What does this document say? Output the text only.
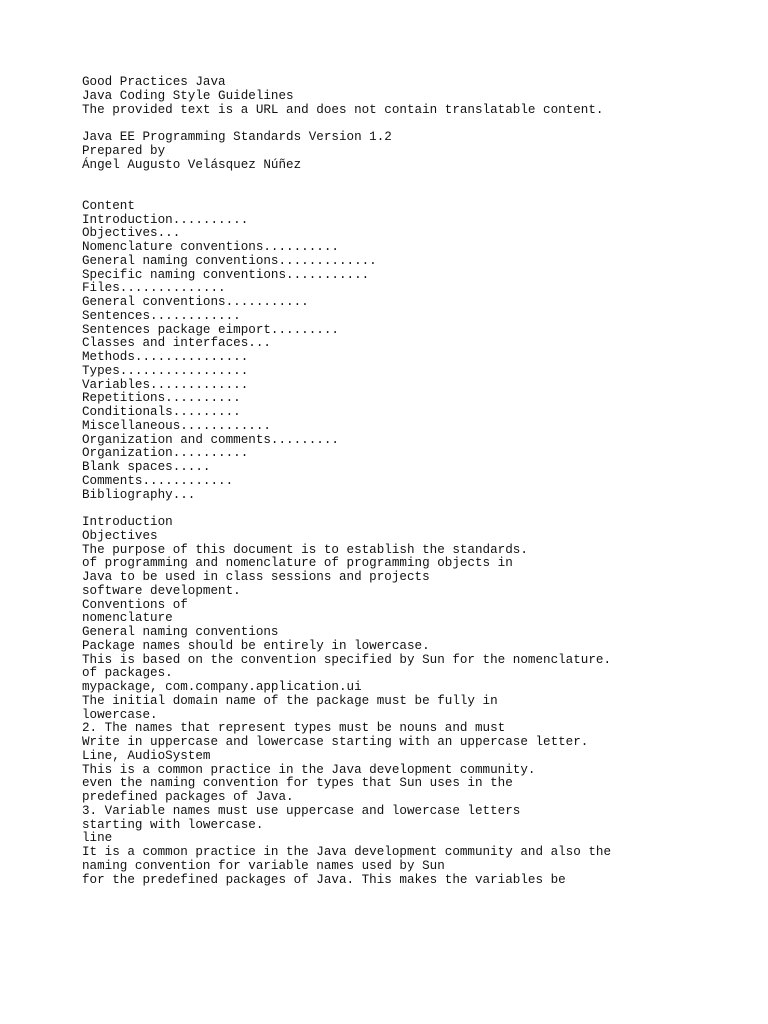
Good Practices Java
Java Coding Style Guidelines
The provided text is a URL and does not contain translatable content.
Java EE Programming Standards Version 1.2
Prepared by
Ángel Augusto Velásquez Núñez
Content
Introduction..........
Objectives...
Nomenclature conventions..........
General naming conventions.............
Specific naming conventions...........
Files..............
General conventions...........
Sentences............
Sentences package eimport.........
Classes and interfaces...
Methods...............
Types.................
Variables.............
Repetitions..........
Conditionals.........
Miscellaneous............
Organization and comments.........
Organization..........
Blank spaces.....
Comments............
Bibliography...
Introduction
Objectives
The purpose of this document is to establish the standards.
of programming and nomenclature of programming objects in
Java to be used in class sessions and projects
software development.
Conventions of
nomenclature
General naming conventions
Package names should be entirely in lowercase.
This is based on the convention specified by Sun for the nomenclature.
of packages.
mypackage, com.company.application.ui
The initial domain name of the package must be fully in
lowercase.
2. The names that represent types must be nouns and must
Write in uppercase and lowercase starting with an uppercase letter.
Line, AudioSystem
This is a common practice in the Java development community.
even the naming convention for types that Sun uses in the
predefined packages of Java.
3. Variable names must use uppercase and lowercase letters
starting with lowercase.
line
It is a common practice in the Java development community and also the
naming convention for variable names used by Sun
for the predefined packages of Java. This makes the variables be
